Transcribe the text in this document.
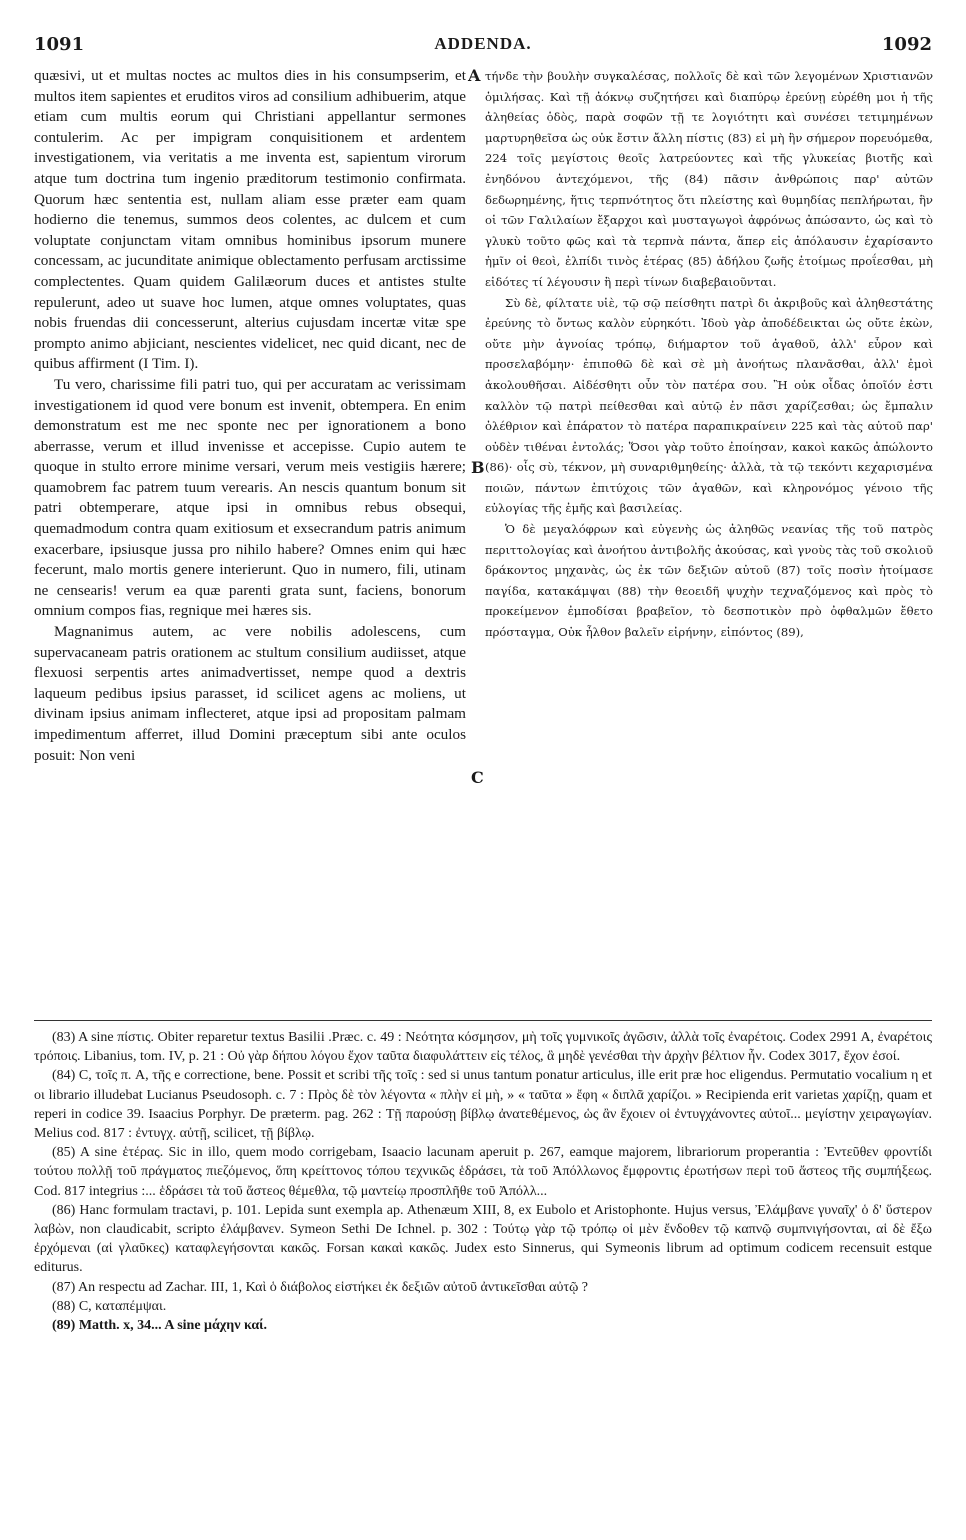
1091	ADDENDA.	1092

quæsivi, ut et multas noctes ac multos dies in his consumpserim, et multos item sapientes et eruditos viros ad consilium adhibuerim, atque etiam cum multis eorum qui Christiani appellantur sermones contulerim. Ac per impigram conquisitionem et ardentem investigationem, via veritatis a me inventa est, sapientum virorum atque tum doctrina tum ingenio præditorum testimonio confirmata. Quorum hæc sententia est, nullam aliam esse præter eam quam hodierno die tenemus, summos deos colentes, ac dulcem et cum voluptate conjunctam vitam omnibus hominibus ipsorum munere concessam, ac jucunditate animique oblectamento perfusam arctissime complectentes. Quam quidem Galilæorum duces et antistes stulte repulerunt, adeo ut suave hoc lumen, atque omnes voluptates, quas nobis fruendas dii concesserunt, alterius cujusdam incertæ vitæ spe prompto animo abjiciant, nescientes videlicet, nec quid dicant, nec de quibus affirment (I Tim. I).

Tu vero, charissime fili patri tuo, qui per accuratam ac verissimam investigationem id quod vere bonum est invenit, obtempera. En enim demonstratum est me nec sponte nec per ignorationem a bono aberrasse, verum et illud invenisse et accepisse. Cupio autem te quoque in stulto errore minime versari, verum meis vestigiis hærere; quamobrem fac patrem tuum verearis. An nescis quantum bonum sit patri obtemperare, atque ipsi in omnibus rebus obsequi, quemadmodum contra quam exitiosum et exsecrandum patris animum exacerbare, ipsiusque jussa pro nihilo habere? Omnes enim qui hæc fecerunt, malo mortis genere interierunt. Quo in numero, fili, utinam ne censearis! verum ea quæ parenti grata sunt, faciens, bonorum omnium compos fias, regnique mei hæres sis.

Magnanimus autem, ac vere nobilis adolescens, cum supervacaneam patris orationem ac stultum consilium audiisset, atque flexuosi serpentis artes animadvertisset, nempe quod a dextris laqueum pedibus ipsius parasset, id scilicet agens ac moliens, ut divinam ipsius animam inflecteret, atque ipsi ad propositam palmam impedimentum afferret, illud Domini præceptum sibi ante oculos posuit: Non veni

τήνδε τὴν βουλὴν συγκαλέσας, πολλοῖς δὲ καὶ τῶν λεγομένων Χριστιανῶν ὁμιλήσας. Καὶ τῇ ἀόκνῳ συζητήσει καὶ διαπύρῳ ἐρεύνῃ εὑρέθη μοι ἡ τῆς ἀληθείας ὁδὸς, παρὰ σοφῶν τῇ τε λογιότητι καὶ συνέσει τετιμημένων μαρτυρηθεῖσα ὡς οὐκ ἔστιν ἄλλη πίστις (83) εἰ μὴ ἣν σήμερον πορευόμεθα, 224 τοῖς μεγίστοις θεοῖς λατρεύοντες καὶ τῆς γλυκείας βιοτῆς καὶ ἐνηδόνου ἀντεχόμενοι, τῆς (84) πᾶσιν ἀνθρώποις παρ' αὐτῶν δεδωρημένης, ἥτις τερπνότητος ὅτι πλείστης καὶ θυμηδίας πεπλήρωται, ἣν οἱ τῶν Γαλιλαίων ἔξαρχοι καὶ μυσταγωγοὶ ἀφρόνως ἀπώσαντο, ὡς καὶ τὸ γλυκὺ τοῦτο φῶς καὶ τὰ τερπνὰ πάντα, ἅπερ εἰς ἀπόλαυσιν ἐχαρίσαντο ἡμῖν οἱ θεοὶ, ἐλπίδι τινὸς ἑτέρας (85) ἀδήλου ζωῆς ἑτοίμως προΐεσθαι, μὴ εἰδότες τί λέγουσιν ἢ περὶ τίνων διαβεβαιοῦνται.

Σὺ δὲ, φίλτατε υἱὲ, τῷ σῷ πείσθητι πατρὶ δι ἀκριβοῦς καὶ ἀληθεστάτης ἐρεύνης τὸ ὄντως καλὸν εὑρηκότι. Ἰδοὺ γὰρ ἀποδέδεικται ὡς οὔτε ἑκὼν, οὔτε μὴν ἀγνοίας τρόπῳ, διήμαρτον τοῦ ἀγαθοῦ, ἀλλ' εὗρον καὶ προσελαβόμην· ἐπιποθῶ δὲ καὶ σὲ μὴ ἀνοήτως πλανᾶσθαι, ἀλλ' ἐμοὶ ἀκολουθῆσαι. Αἰδέσθητι οὖν τὸν πατέρα σου. Ἢ οὐκ οἶδας ὁποῖόν ἐστι καλλὸν τῷ πατρὶ πείθεσθαι καὶ αὐτῷ ἐν πᾶσι χαρίζεσθαι; ὡς ἔμπαλιν ὀλέθριον καὶ ἐπάρατον τὸ πατέρα παραπικραίνειν 225 καὶ τὰς αὐτοῦ παρ' οὐδὲν τιθέναι ἐντολάς; Ὅσοι γὰρ τοῦτο ἐποίησαν, κακοὶ κακῶς ἀπώλοντο (86)· οἷς σὺ, τέκνον, μὴ συναριθμηθείης· ἀλλὰ, τὰ τῷ τεκόντι κεχαρισμένα ποιῶν, πάντων ἐπιτύχοις τῶν ἀγαθῶν, καὶ κληρονόμος γένοιο τῆς εὐλογίας τῆς ἐμῆς καὶ βασιλείας.

Ὁ δὲ μεγαλόφρων καὶ εὐγενὴς ὡς ἀληθῶς νεανίας τῆς τοῦ πατρὸς περιττολογίας καὶ ἀνοήτου ἀντιβολῆς ἀκούσας, καὶ γνοὺς τὰς τοῦ σκολιοῦ δράκοντος μηχανὰς, ὡς ἐκ τῶν δεξιῶν αὐτοῦ (87) τοῖς ποσὶν ἡτοίμασε παγίδα, κατακάμψαι (88) τὴν θεοειδῆ ψυχὴν τεχναζόμενος καὶ πρὸς τὸ προκείμενον ἐμποδίσαι βραβεῖον, τὸ δεσποτικὸν πρὸ ὀφθαλμῶν ἔθετο πρόσταγμα, Οὐκ ἦλθον βαλεῖν εἰρήνην, εἰπόντος (89),

A
B
C

(83) A sine πίστις. Obiter reparetur textus Basilii .Præc. c. 49 : Νεότητα κόσμησον, μὴ τοῖς γυμνικοῖς ἀγῶσιν, ἀλλὰ τοῖς ἐναρέτοις. Codex 2991 A, ἐναρέτοις τρόποις. Libanius, tom. IV, p. 21 : Οὐ γὰρ δήπου λόγου ἔχον ταῦτα διαφυλάττειν εἰς τέλος, ἃ μηδὲ γενέσθαι τὴν ἀρχὴν βέλτιον ἦν. Codex 3017, ἔχον ἐσοί.

(84) C, τοῖς π. A, τῆς e correctione, bene. Possit et scribi τῆς τοῖς : sed si unus tantum ponatur articulus, ille erit præ hoc eligendus. Permutatio vocalium η et οι librario illudebat Lucianus Pseudosoph. c. 7 : Πρὸς δὲ τὸν λέγοντα « πλὴν εἰ μὴ, » « ταῦτα » ἔφη « διπλᾶ χαρίζοι. » Recipienda erit varietas χαρίζῃ, quam et reperi in codice 39. Isaacius Porphyr. De præterm. pag. 262 : Τῇ παρούσῃ βίβλῳ ἀνατεθέμενος, ὡς ἂν ἔχοιεν οἱ ἐντυγχάνοντες αὐτοῖ... μεγίστην χειραγωγίαν. Melius cod. 817 : ἐντυγχ. αὐτῇ, scilicet, τῇ βίβλῳ.

(85) A sine ἑτέρας. Sic in illo, quem modo corrigebam, Isaacio lacunam aperuit p. 267, eamque majorem, librariorum properantia : Ἐντεῦθεν φροντίδι τούτου πολλῇ τοῦ πράγματος πιεζόμενος, ὅπη κρείττονος τόπου τεχνικῶς ἑδράσει, τὰ τοῦ Ἀπόλλωνος ἔμφροντις ἐρωτήσων περὶ τοῦ ἄστεος τῆς συμπήξεως. Cod. 817 integrius :... ἑδράσει τὰ τοῦ ἄστεος θέμεθλα, τῷ μαντείῳ προσπλῆθε τοῦ Ἀπόλλ...

(86) Hanc formulam tractavi, p. 101. Lepida sunt exempla ap. Athenæum XIII, 8, ex Eubolo et Aristophonte. Hujus versus, Ἐλάμβανε γυναῖχ' ὁ δ' ὕστερον λαβὼν, non claudicabit, scripto ἐλάμβανεν. Symeon Sethi De Ichnel. p. 302 : Τούτῳ γὰρ τῷ τρόπῳ οἱ μὲν ἔνδοθεν τῷ καπνῷ συμπνιγήσονται, αἱ δὲ ἔξω ἐρχόμεναι (αἱ γλαῦκες) καταφλεγήσονται κακῶς. Forsan κακαὶ κακῶς. Judex esto Sinnerus, qui Symeonis librum ad optimum codicem recensuit estque editurus.

(87) An respectu ad Zachar. III, 1, Καὶ ὁ διάβολος εἱστήκει ἐκ δεξιῶν αὐτοῦ ἀντικεῖσθαι αὐτῷ ?

(88) C, καταπέμψαι.

(89) Matth. x, 34... A sine μάχην καί.
